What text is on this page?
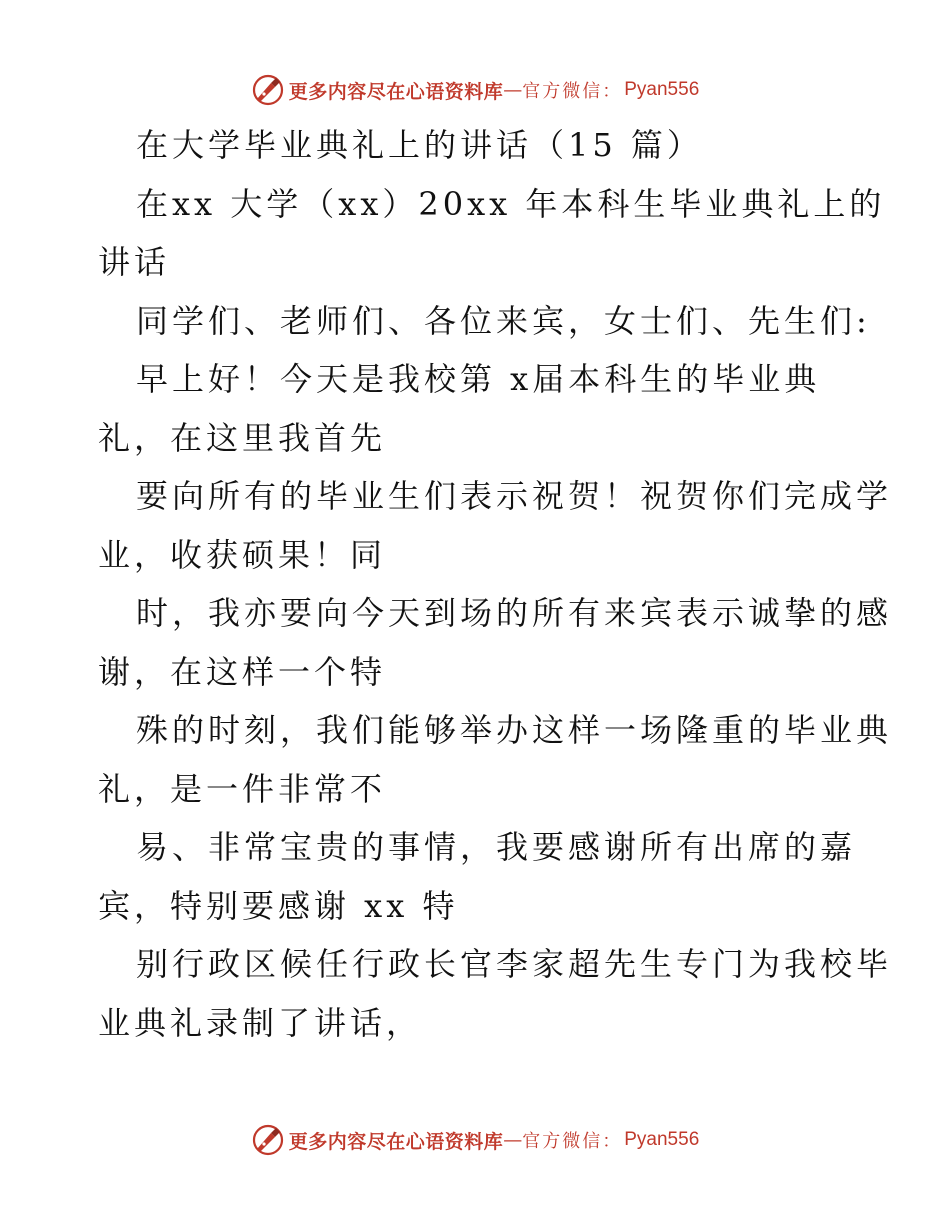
更多内容尽在心语资料库 — 官方微信： Pyan556
在大学毕业典礼上的讲话（15 篇）
在xx 大学（xx）20xx 年本科生毕业典礼上的
讲话
同学们、老师们、各位来宾，女士们、先生们:
早上好！今天是我校第 x届本科生的毕业典
礼，在这里我首先
要向所有的毕业生们表示祝贺！祝贺你们完成学
业，收获硕果！同
时，我亦要向今天到场的所有来宾表示诚挚的感
谢，在这样一个特
殊的时刻，我们能够举办这样一场隆重的毕业典
礼，是一件非常不
易、非常宝贵的事情，我要感谢所有出席的嘉
宾，特别要感谢 xx 特
别行政区候任行政长官李家超先生专门为我校毕
业典礼录制了讲话，
更多内容尽在心语资料库 — 官方微信： Pyan556
